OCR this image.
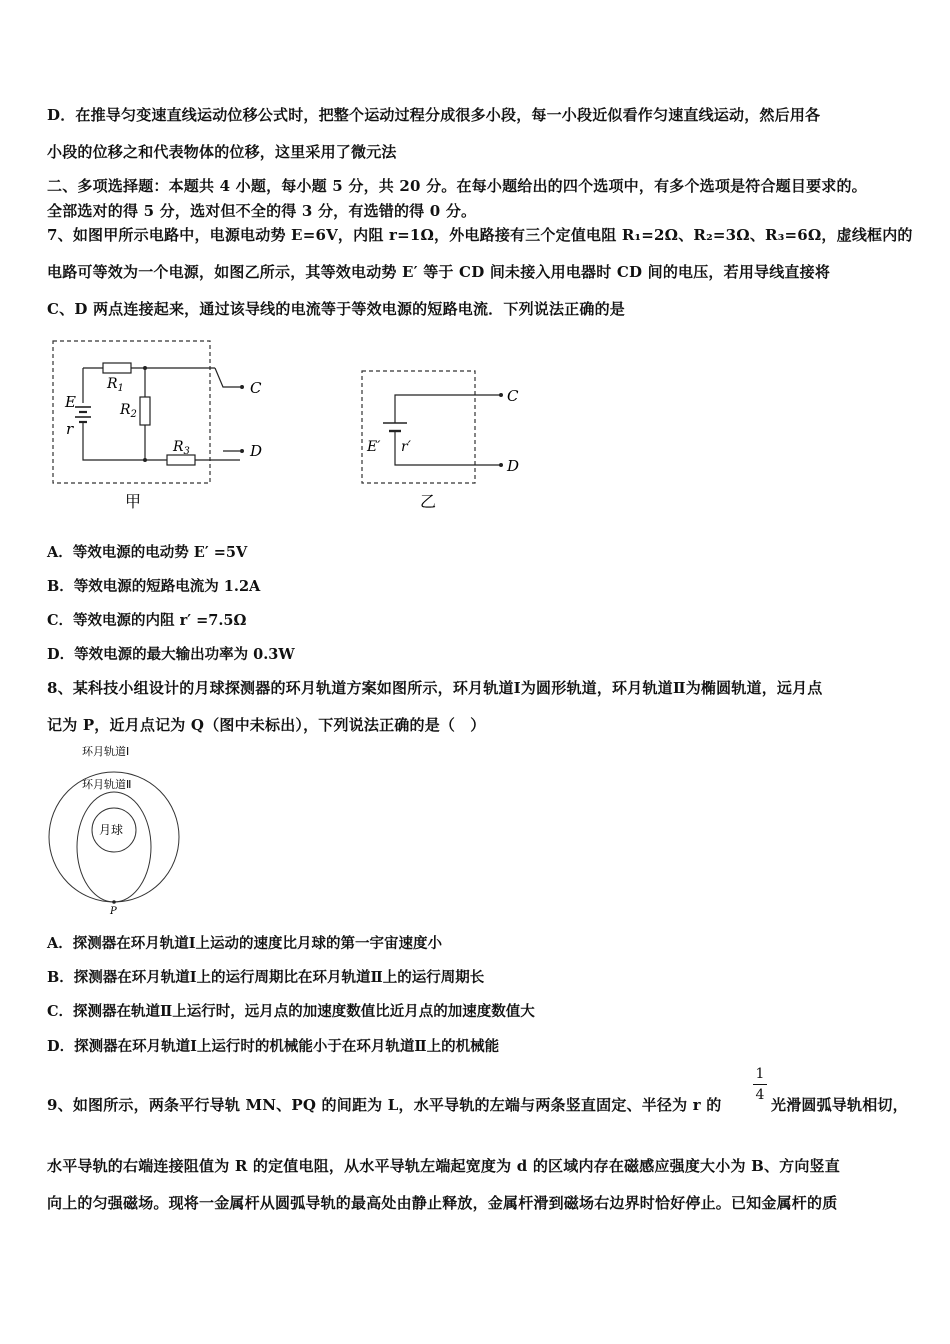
D．在推导匀变速直线运动位移公式时，把整个运动过程分成很多小段，每一小段近似看作匀速直线运动，然后用各
小段的位移之和代表物体的位移，这里采用了微元法
二、多项选择题：本题共 4 小题，每小题 5 分，共 20 分。在每小题给出的四个选项中，有多个选项是符合题目要求的。
全部选对的得 5 分，选对但不全的得 3 分，有选错的得 0 分。
7、如图甲所示电路中，电源电动势 E=6V，内阻 r=1Ω，外电路接有三个定值电阻 R₁=2Ω、R₂=3Ω、R₃=6Ω，虚线框内的
电路可等效为一个电源，如图乙所示，其等效电动势 E′ 等于 CD 间未接入用电器时 CD 间的电压，若用导线直接将
C、D 两点连接起来，通过该导线的电流等于等效电源的短路电流．下列说法正确的是
E
r
$R_1$
$R_2$
$R_3$
C
D
甲
E′ r′
C
D
乙
A．等效电源的电动势 E′ =5V
B．等效电源的短路电流为 1.2A
C．等效电源的内阻 r′ =7.5Ω
D．等效电源的最大输出功率为 0.3W
8、某科技小组设计的月球探测器的环月轨道方案如图所示，环月轨道Ⅰ为圆形轨道，环月轨道Ⅱ为椭圆轨道，远月点
记为 P，近月点记为 Q（图中未标出），下列说法正确的是（　）
环月轨道Ⅰ
环月轨道Ⅱ
月球
P
A．探测器在环月轨道Ⅰ上运动的速度比月球的第一宇宙速度小
B．探测器在环月轨道Ⅰ上的运行周期比在环月轨道Ⅱ上的运行周期长
C．探测器在轨道Ⅱ上运行时，远月点的加速度数值比近月点的加速度数值大
D．探测器在环月轨道Ⅰ上运行时的机械能小于在环月轨道Ⅱ上的机械能
9、如图所示，两条平行导轨 MN、PQ 的间距为 L，水平导轨的左端与两条竖直固定、半径为 r 的
1
4
光滑圆弧导轨相切，
水平导轨的右端连接阻值为 R 的定值电阻，从水平导轨左端起宽度为 d 的区域内存在磁感应强度大小为 B、方向竖直
向上的匀强磁场。现将一金属杆从圆弧导轨的最高处由静止释放，金属杆滑到磁场右边界时恰好停止。已知金属杆的质
